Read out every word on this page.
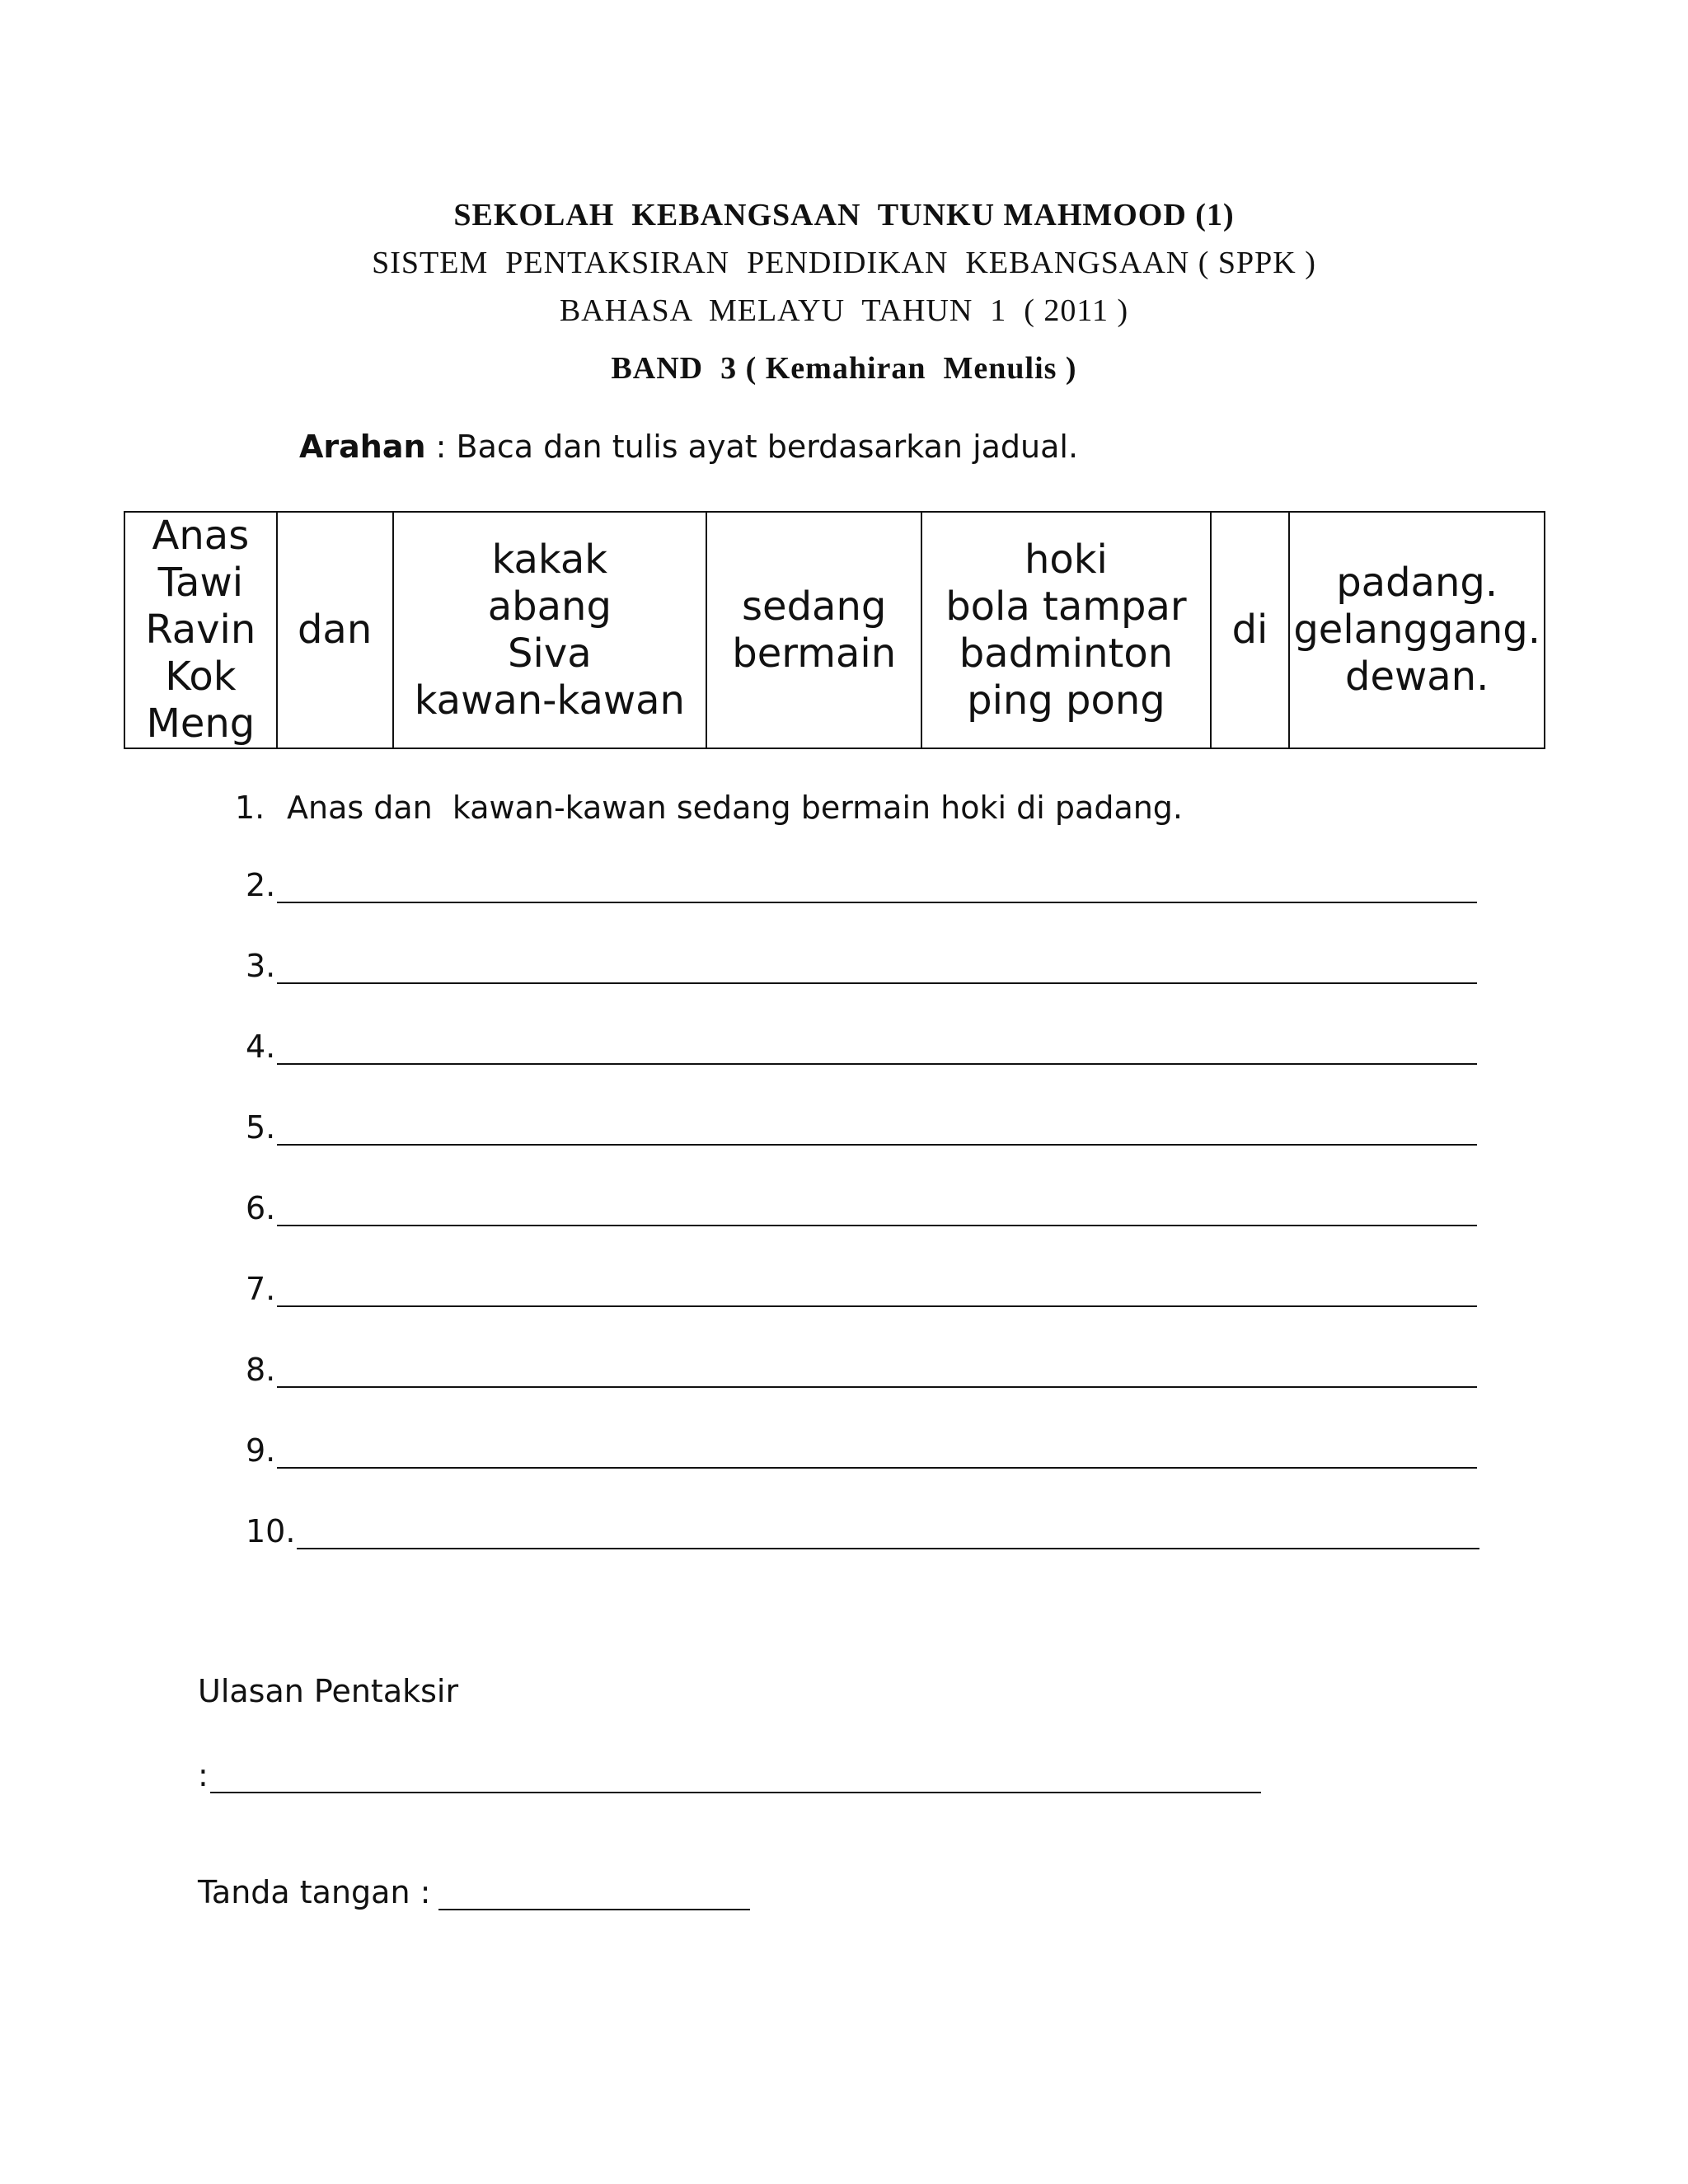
SEKOLAH  KEBANGSAAN  TUNKU MAHMOOD (1)
SISTEM  PENTAKSIRAN  PENDIDIKAN  KEBANGSAAN ( SPPK )
BAHASA  MELAYU  TAHUN  1  ( 2011 )
BAND  3 ( Kemahiran  Menulis )
Arahan : Baca dan tulis ayat berdasarkan jadual.
Anas
Tawi
Ravin
Kok
Meng

dan

kakak
abang
Siva
kawan-kawan

sedang
bermain

hoki
bola tampar
badminton
ping pong

di

padang.
gelanggang.
dewan.
1. Anas dan  kawan-kawan sedang bermain hoki di padang.
2.
3.
4.
5.
6.
7.
8.
9.
10.
Ulasan Pentaksir
:
Tanda tangan :
